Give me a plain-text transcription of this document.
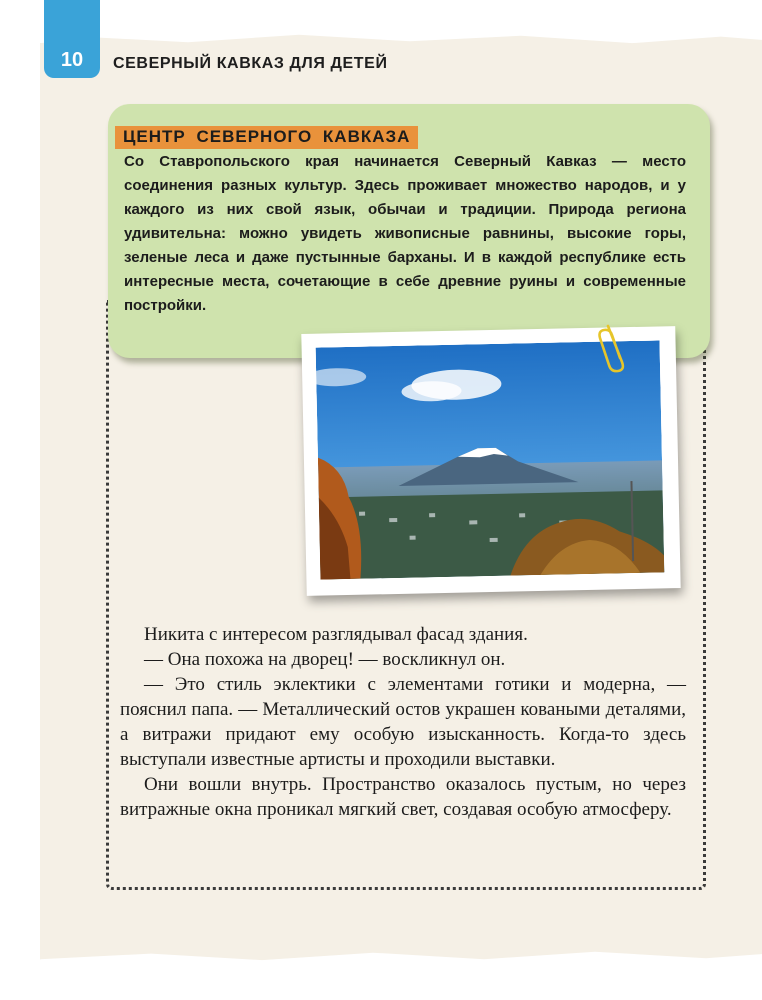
10 СЕВЕРНЫЙ КАВКАЗ ДЛЯ ДЕТЕЙ
ЦЕНТР СЕВЕРНОГО КАВКАЗА

Со Ставропольского края начинается Северный Кавказ — место соединения разных культур. Здесь проживает множество народов, и у каждого из них свой язык, обычаи и традиции. Природа региона удивительна: можно увидеть живописные равнины, высокие горы, зеленые леса и даже пустынные барханы. И в каждой республике есть интересные места, сочетающие в себе древние руины и современные постройки.

Никита с интересом разглядывал фасад здания.

— Она похожа на дворец! — воскликнул он.

— Это стиль эклектики с элементами готики и модерна, — пояснил папа. — Металлический остов украшен коваными деталями, а витражи придают ему особую изысканность. Когда-то здесь выступали известные артисты и проходили выставки.

Они вошли внутрь. Пространство оказалось пустым, но через витражные окна проникал мягкий свет, создавая особую атмосферу.
